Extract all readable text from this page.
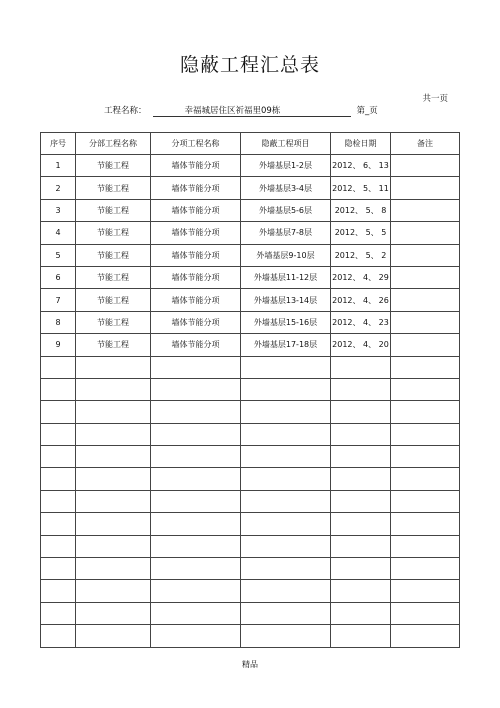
隐蔽工程汇总表
共一页
工程名称：	幸福城居住区祈福里09栋	第_页
序号	分部工程名称	分项工程名称	隐蔽工程项目	隐检日期	备注
1	节能工程	墙体节能分项	外墙基层1-2层	2012、 6、 13	
2	节能工程	墙体节能分项	外墙基层3-4层	2012、 5、 11	
3	节能工程	墙体节能分项	外墙基层5-6层	2012、 5、 8	
4	节能工程	墙体节能分项	外墙基层7-8层	2012、 5、 5	
5	节能工程	墙体节能分项	外墙基层9-10层	2012、 5、 2	
6	节能工程	墙体节能分项	外墙基层11-12层	2012、 4、 29	
7	节能工程	墙体节能分项	外墙基层13-14层	2012、 4、 26	
8	节能工程	墙体节能分项	外墙基层15-16层	2012、 4、 23	
9	节能工程	墙体节能分项	外墙基层17-18层	2012、 4、 20	

精品
